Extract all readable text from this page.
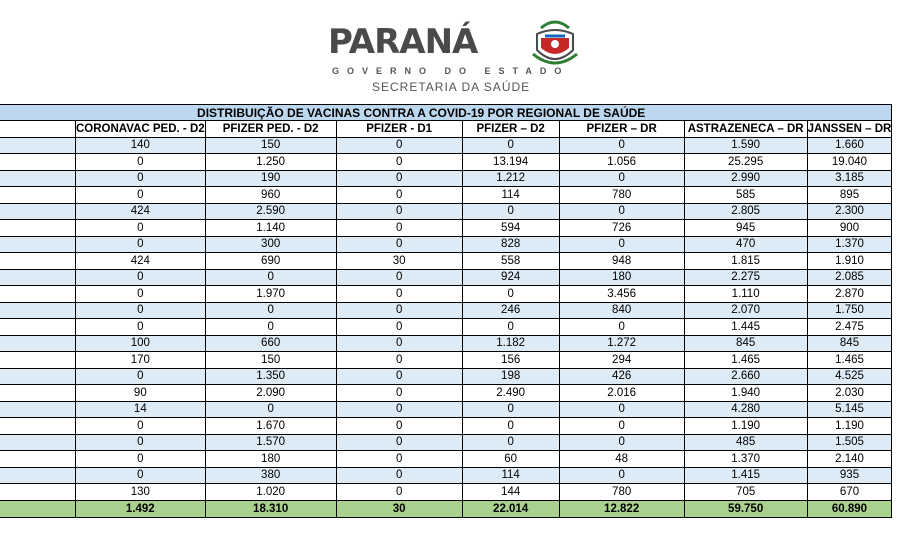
PARANÁ
GOVERNO DO ESTADO
SECRETARIA DA SAÚDE
DISTRIBUIÇÃO DE VACINAS CONTRA A COVID-19 POR REGIONAL DE SAÚDE							
	CORONAVAC PED. - D2	PFIZER PED. - D2	PFIZER - D1	PFIZER – D2	PFIZER – DR	ASTRAZENECA – DR	JANSSEN – DR
	140	150	0	0	0	1.590	1.660
	0	1.250	0	13.194	1.056	25.295	19.040
	0	190	0	1.212	0	2.990	3.185
	0	960	0	114	780	585	895
	424	2.590	0	0	0	2.805	2.300
	0	1.140	0	594	726	945	900
	0	300	0	828	0	470	1.370
	424	690	30	558	948	1.815	1.910
	0	0	0	924	180	2.275	2.085
	0	1.970	0	0	3.456	1.110	2.870
	0	0	0	246	840	2.070	1.750
	0	0	0	0	0	1.445	2.475
	100	660	0	1.182	1.272	845	845
	170	150	0	156	294	1.465	1.465
	0	1.350	0	198	426	2.660	4.525
	90	2.090	0	2.490	2.016	1.940	2.030
	14	0	0	0	0	4.280	5.145
	0	1.670	0	0	0	1.190	1.190
	0	1.570	0	0	0	485	1.505
	0	180	0	60	48	1.370	2.140
	0	380	0	114	0	1.415	935
	130	1.020	0	144	780	705	670
	1.492	18.310	30	22.014	12.822	59.750	60.890
